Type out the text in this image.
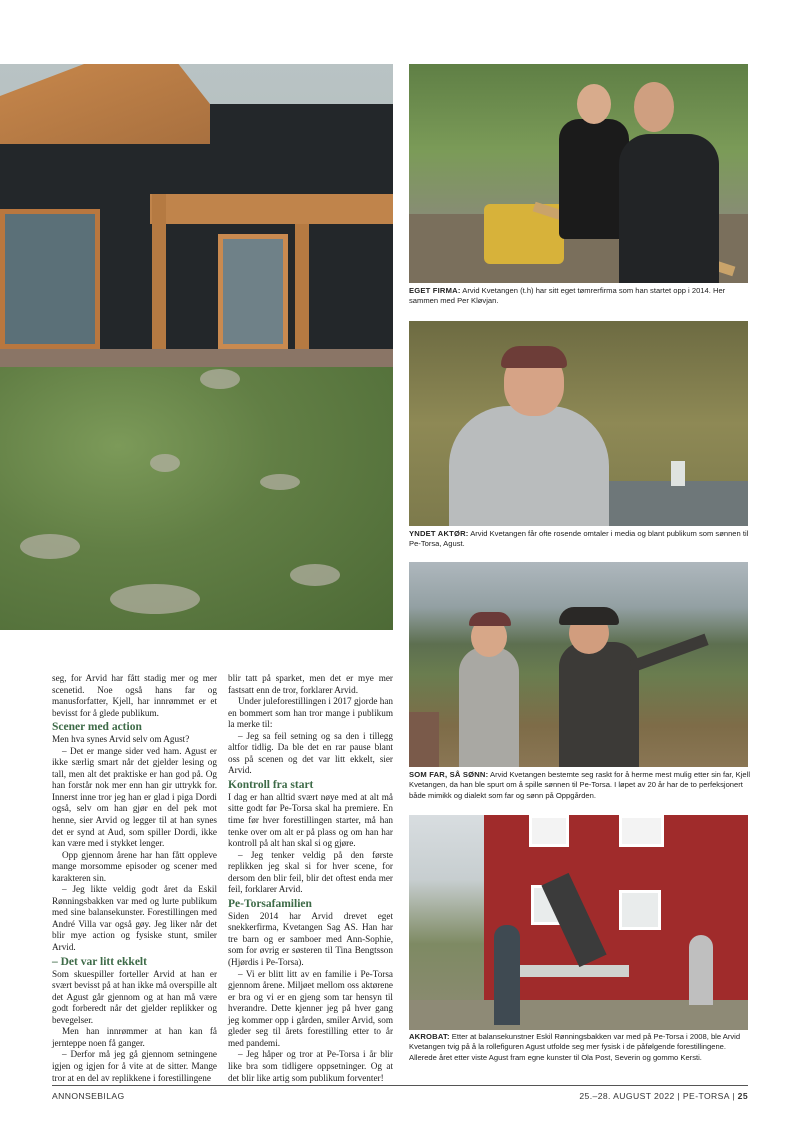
EGET FIRMA: Arvid Kvetangen (t.h) har sitt eget tømrerfirma som han startet opp i 2014. Her sammen med Per Kløvjan.
YNDET AKTØR: Arvid Kvetangen får ofte rosende omtaler i media og blant publikum som sønnen til Pe-Torsa, Agust.
SOM FAR, SÅ SØNN: Arvid Kvetangen bestemte seg raskt for å herme mest mulig etter sin far, Kjell Kvetangen, da han ble spurt om å spille sønnen til Pe-Torsa. I løpet av 20 år har de to perfeksjonert både mimikk og dialekt som far og sønn på Oppgården.
AKROBAT: Etter at balansekunstner Eskil Rønningsbakken var med på Pe-Torsa i 2008, ble Arvid Kvetangen tvig på å la rollefiguren Agust utfolde seg mer fysisk i de påfølgende forestillingene. Allerede året etter viste Agust fram egne kunster til Ola Post, Severin og gommo Kersti.

seg, for Arvid har fått stadig mer og mer scenetid. Noe også hans far og manusforfatter, Kjell, har innrømmet er et bevisst for å glede publikum.

Scener med action

Men hva synes Arvid selv om Agust?

– Det er mange sider ved ham. Agust er ikke særlig smart når det gjelder lesing og tall, men alt det praktiske er han god på. Og han forstår nok mer enn han gir uttrykk for. Innerst inne tror jeg han er glad i piga Dordi også, selv om han gjør en del pek mot henne, sier Arvid og legger til at han synes det er synd at Aud, som spiller Dordi, ikke kan være med i stykket lenger.

Opp gjennom årene har han fått oppleve mange morsomme episoder og scener med karakteren sin.

– Jeg likte veldig godt året da Eskil Rønningsbakken var med og lurte publikum med sine balansekunster. Forestillingen med André Villa var også gøy. Jeg liker når det blir mye action og fysiske stunt, smiler Arvid.

– Det var litt ekkelt

Som skuespiller forteller Arvid at han er svært bevisst på at han ikke må overspille alt det Agust går gjennom og at han må være godt forberedt når det gjelder replikker og bevegelser.

Men han innrømmer at han kan få jernteppe noen få ganger.

– Derfor må jeg gå gjennom setningene igjen og igjen for å vite at de sitter. Mange tror at en del av replikkene i forestillingene

blir tatt på sparket, men det er mye mer fastsatt enn de tror, forklarer Arvid.

Under juleforestillingen i 2017 gjorde han en bommert som han tror mange i publikum la merke til:

– Jeg sa feil setning og sa den i tillegg altfor tidlig. Da ble det en rar pause blant oss på scenen og det var litt ekkelt, sier Arvid.

Kontroll fra start

I dag er han alltid svært nøye med at alt må sitte godt før Pe-Torsa skal ha premiere. En time før hver forestillingen starter, må han tenke over om alt er på plass og om han har kontroll på alt han skal si og gjøre.

– Jeg tenker veldig på den første replikken jeg skal si for hver scene, for dersom den blir feil, blir det oftest enda mer feil, forklarer Arvid.

Pe-Torsafamilien

Siden 2014 har Arvid drevet eget snekkerfirma, Kvetangen Sag AS. Han har tre barn og er samboer med Ann-Sophie, som for øvrig er søsteren til Tina Bengtsson (Hjørdis i Pe-Torsa).

– Vi er blitt litt av en familie i Pe-Torsa gjennom årene. Miljøet mellom oss aktørene er bra og vi er en gjeng som tar hensyn til hverandre. Dette kjenner jeg på hver gang jeg kommer opp i gården, smiler Arvid, som gleder seg til årets forestilling etter to år med pandemi.

– Jeg håper og tror at Pe-Torsa i år blir like bra som tidligere oppsetninger. Og at det blir like artig som publikum forventer!

ANNONSEBILAG	25.–28. AUGUST 2022 | PE-TORSA | 25
